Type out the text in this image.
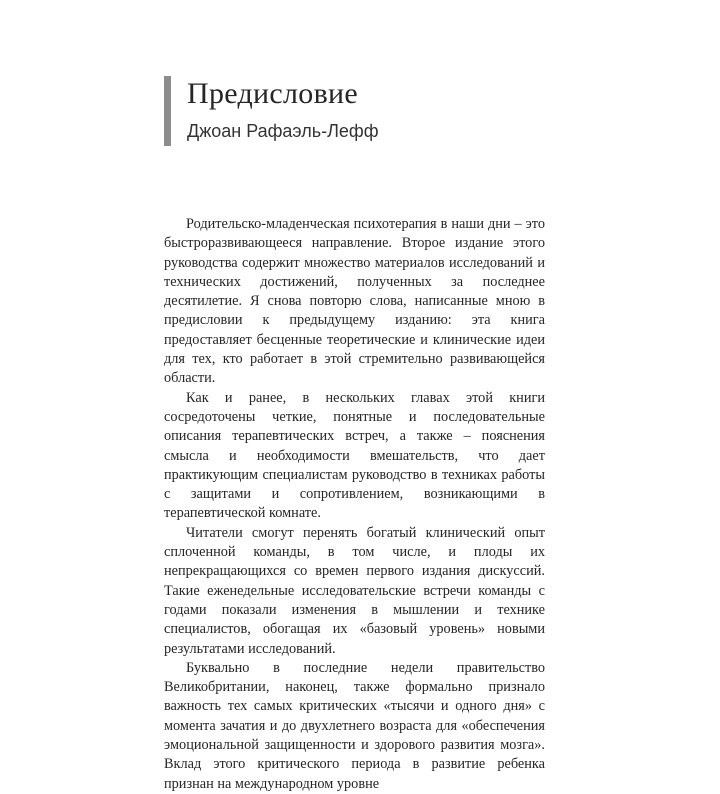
Предисловие
Джоан Рафаэль-Лефф

Родительско-младенческая психотерапия в наши дни – это быстроразвивающееся направление. Второе издание этого руководства содержит множество материалов исследований и технических достижений, полученных за последнее десятилетие. Я снова повторю слова, написанные мною в предисловии к предыдущему изданию: эта книга предоставляет бесценные теоретические и клинические идеи для тех, кто работает в этой стремительно развивающейся области.

Как и ранее, в нескольких главах этой книги сосредоточены четкие, понятные и последовательные описания терапевтических встреч, а также – пояснения смысла и необходимости вмешательств, что дает практикующим специалистам руководство в техниках работы с защитами и сопротивлением, возникающими в терапевтической комнате.

Читатели смогут перенять богатый клинический опыт сплоченной команды, в том числе, и плоды их непрекращающихся со времен первого издания дискуссий. Такие еженедельные исследовательские встречи команды с годами показали изменения в мышлении и технике специалистов, обогащая их «базовый уровень» новыми результатами исследований.

Буквально в последние недели правительство Великобритании, наконец, также формально признало важность тех самых критических «тысячи и одного дня» с момента зачатия и до двухлетнего возраста для «обеспечения эмоциональной защищенности и здорового развития мозга». Вклад этого критического периода в развитие ребенка признан на международном уровне
